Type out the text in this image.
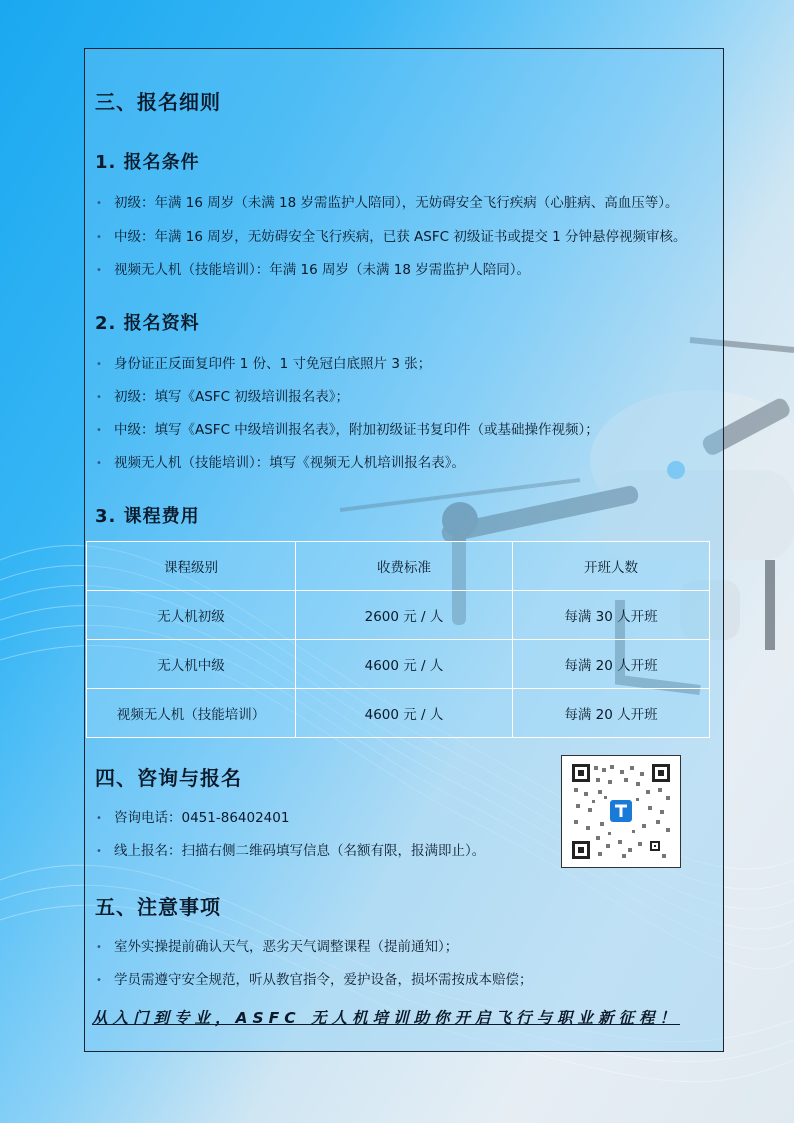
三、报名细则
1. 报名条件
• 初级：年满 16 周岁（未满 18 岁需监护人陪同），无妨碍安全飞行疾病（心脏病、高血压等）。
• 中级：年满 16 周岁，无妨碍安全飞行疾病，已获 ASFC 初级证书或提交 1 分钟悬停视频审核。
• 视频无人机（技能培训）：年满 16 周岁（未满 18 岁需监护人陪同）。
2. 报名资料
• 身份证正反面复印件 1 份、1 寸免冠白底照片 3 张；
• 初级：填写《ASFC 初级培训报名表》；
• 中级：填写《ASFC 中级培训报名表》，附加初级证书复印件（或基础操作视频）；
• 视频无人机（技能培训）：填写《视频无人机培训报名表》。
3. 课程费用
课程级别	收费标准	开班人数
无人机初级	2600 元 / 人	每满 30 人开班
无人机中级	4600 元 / 人	每满 20 人开班
视频无人机（技能培训）	4600 元 / 人	每满 20 人开班
四、咨询与报名
• 咨询电话：0451-86402401
• 线上报名：扫描右侧二维码填写信息（名额有限，报满即止）。
五、注意事项
• 室外实操提前确认天气，恶劣天气调整课程（提前通知）；
• 学员需遵守安全规范，听从教官指令，爱护设备，损坏需按成本赔偿；
从入门到专业，ASFC 无人机培训助你开启飞行与职业新征程！
